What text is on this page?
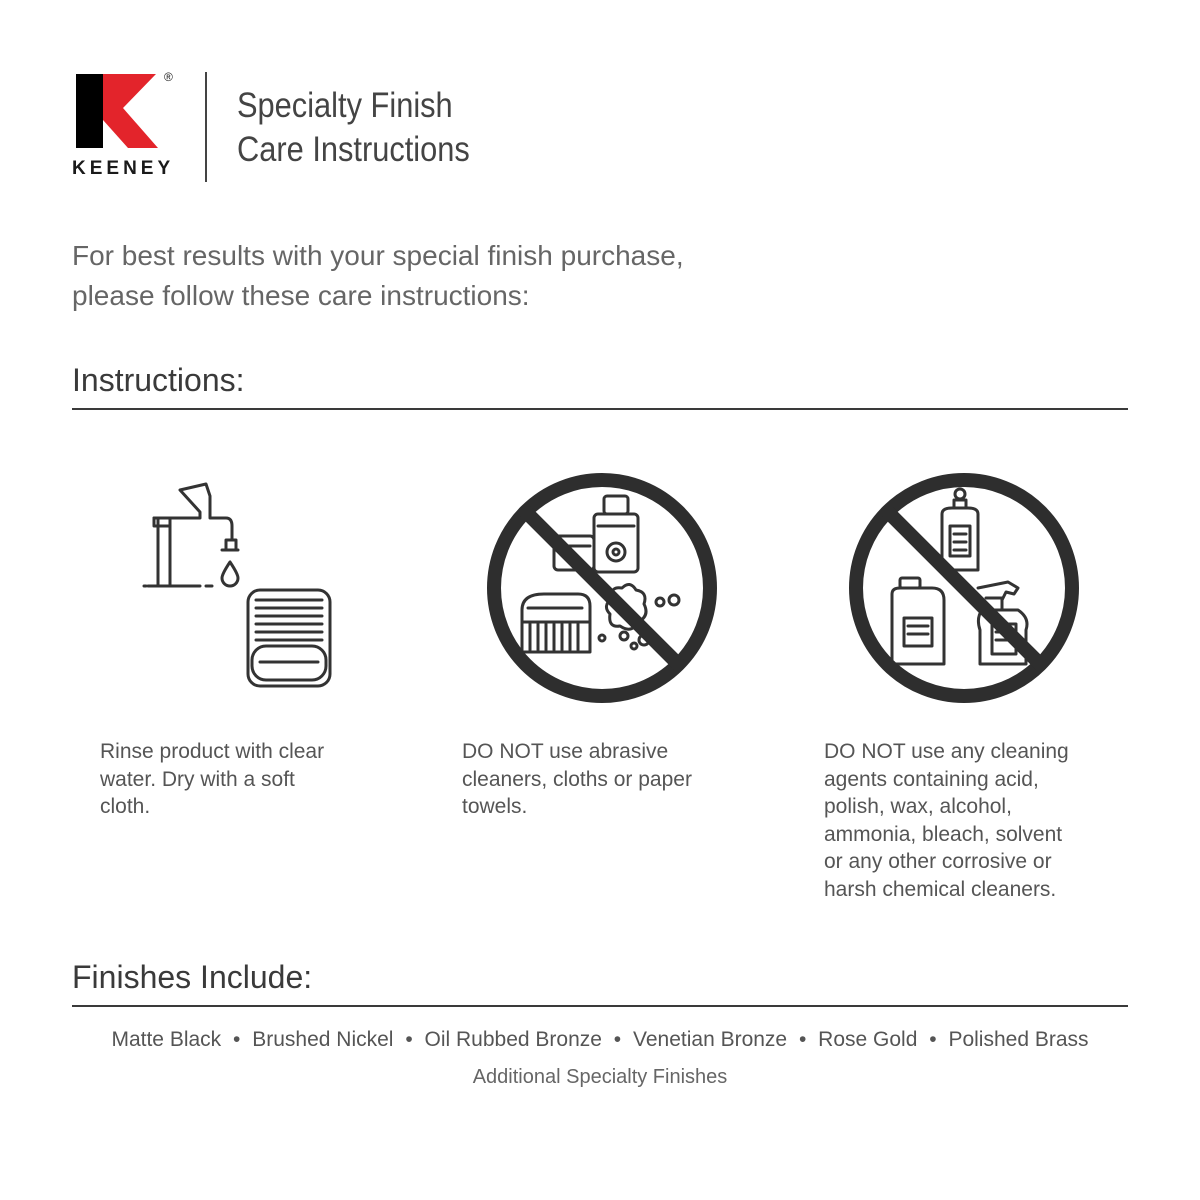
®
KEENEY
Specialty Finish
Care Instructions
For best results with your special finish purchase,
please follow these care instructions:
Instructions:
Rinse product with clear
water. Dry with a soft
cloth.
DO NOT use abrasive
cleaners, cloths or paper
towels.
DO NOT use any cleaning
agents containing acid,
polish, wax, alcohol,
ammonia, bleach, solvent
or any other corrosive or
harsh chemical cleaners.
Finishes Include:
Matte Black • Brushed Nickel • Oil Rubbed Bronze • Venetian Bronze • Rose Gold • Polished Brass
Additional Specialty Finishes
